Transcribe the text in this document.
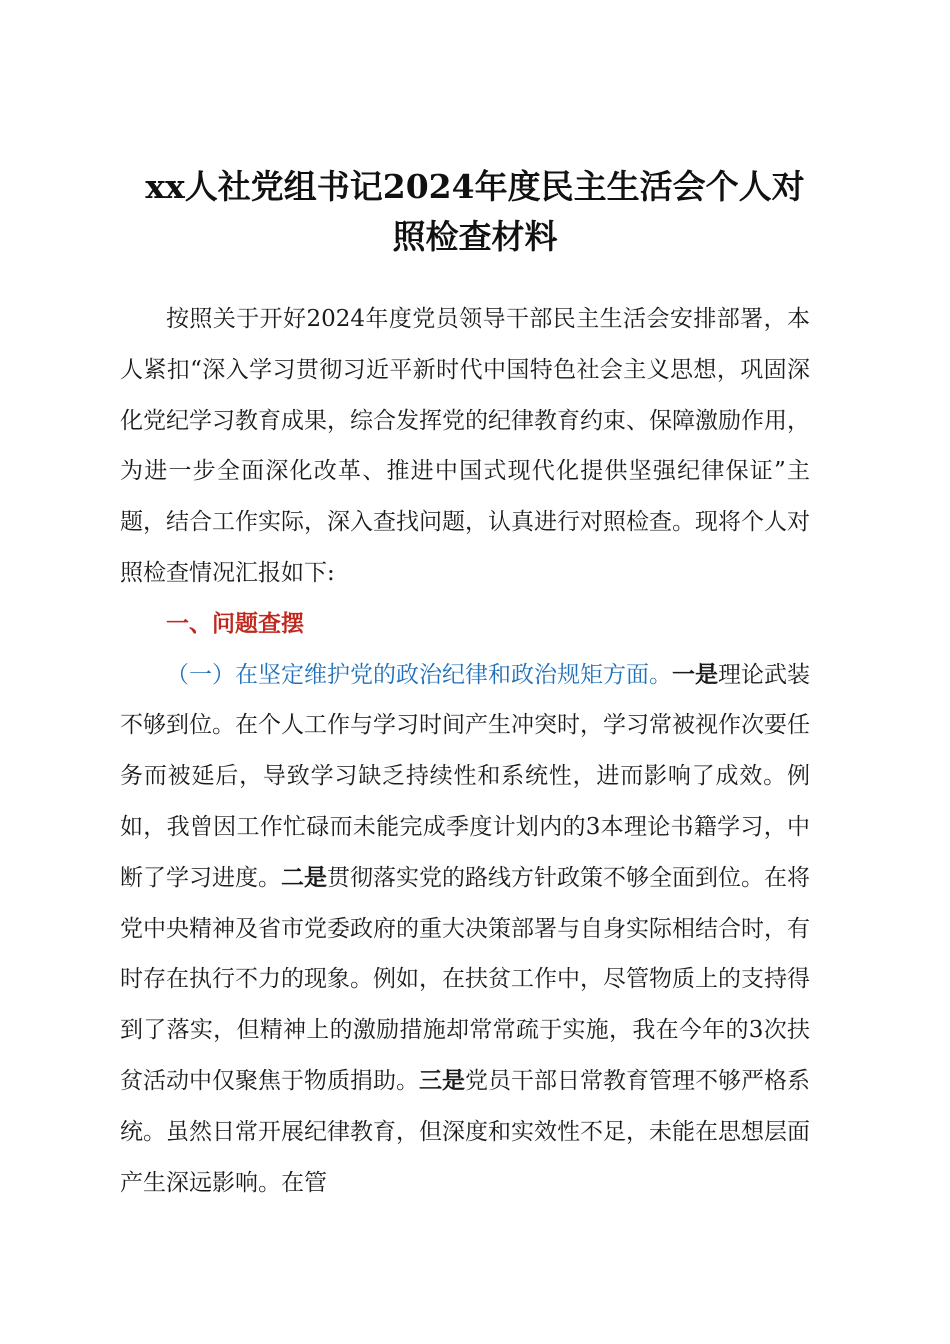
xx人社党组书记2024年度民主生活会个人对
照检查材料

按照关于开好2024年度党员领导干部民主生活会安排部署，本人紧扣“深入学习贯彻习近平新时代中国特色社会主义思想，巩固深化党纪学习教育成果，综合发挥党的纪律教育约束、保障激励作用，为进一步全面深化改革、推进中国式现代化提供坚强纪律保证”主题，结合工作实际，深入查找问题，认真进行对照检查。现将个人对照检查情况汇报如下:

一、问题查摆

（一）在坚定维护党的政治纪律和政治规矩方面。一是理论武装不够到位。在个人工作与学习时间产生冲突时，学习常被视作次要任务而被延后，导致学习缺乏持续性和系统性，进而影响了成效。例如，我曾因工作忙碌而未能完成季度计划内的3本理论书籍学习，中断了学习进度。二是贯彻落实党的路线方针政策不够全面到位。在将党中央精神及省市党委政府的重大决策部署与自身实际相结合时，有时存在执行不力的现象。例如，在扶贫工作中，尽管物质上的支持得到了落实，但精神上的激励措施却常常疏于实施，我在今年的3次扶贫活动中仅聚焦于物质捐助。三是党员干部日常教育管理不够严格系统。虽然日常开展纪律教育，但深度和实效性不足，未能在思想层面产生深远影响。在管
